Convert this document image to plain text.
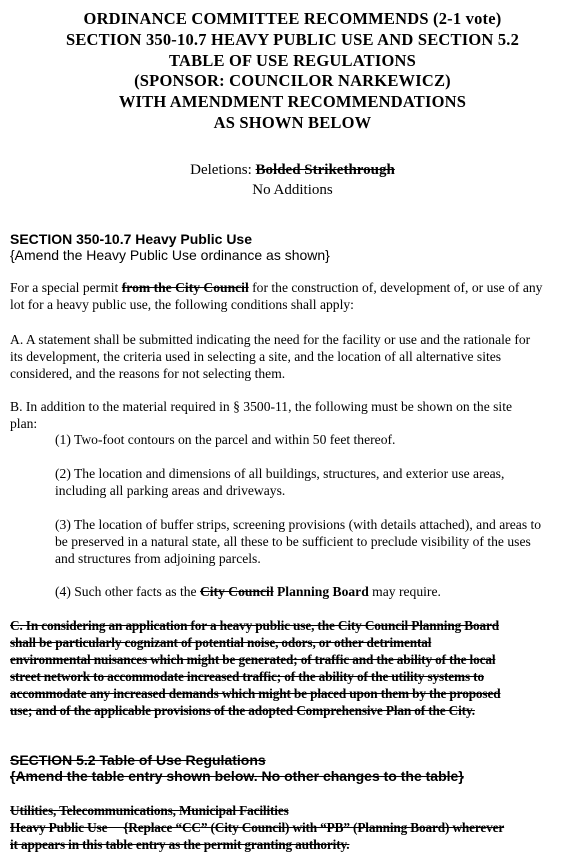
ORDINANCE COMMITTEE RECOMMENDS (2-1 vote)
SECTION 350-10.7 HEAVY PUBLIC USE AND SECTION 5.2
TABLE OF USE REGULATIONS
(SPONSOR: COUNCILOR NARKEWICZ)
WITH AMENDMENT RECOMMENDATIONS
AS SHOWN BELOW
Deletions: Bolded Strikethrough
No Additions
SECTION 350-10.7 Heavy Public Use
{Amend the Heavy Public Use ordinance as shown}
For a special permit from the City Council for the construction of, development of, or use of any
lot for a heavy public use, the following conditions shall apply:
A. A statement shall be submitted indicating the need for the facility or use and the rationale for
its development, the criteria used in selecting a site, and the location of all alternative sites
considered, and the reasons for not selecting them.
B. In addition to the material required in § 3500-11, the following must be shown on the site
plan:
(1) Two-foot contours on the parcel and within 50 feet thereof.
(2) The location and dimensions of all buildings, structures, and exterior use areas,
including all parking areas and driveways.
(3) The location of buffer strips, screening provisions (with details attached), and areas to
be preserved in a natural state, all these to be sufficient to preclude visibility of the uses
and structures from adjoining parcels.
(4) Such other facts as the City Council Planning Board may require.
C. In considering an application for a heavy public use, the City Council Planning Board
shall be particularly cognizant of potential noise, odors, or other detrimental
environmental nuisances which might be generated; of traffic and the ability of the local
street network to accommodate increased traffic; of the ability of the utility systems to
accommodate any increased demands which might be placed upon them by the proposed
use; and of the applicable provisions of the adopted Comprehensive Plan of the City.
SECTION 5.2 Table of Use Regulations
{Amend the table entry shown below. No other changes to the table}
Utilities, Telecommunications, Municipal Facilities
Heavy Public Use     {Replace “CC” (City Council) with “PB” (Planning Board) wherever
it appears in this table entry as the permit granting authority.
